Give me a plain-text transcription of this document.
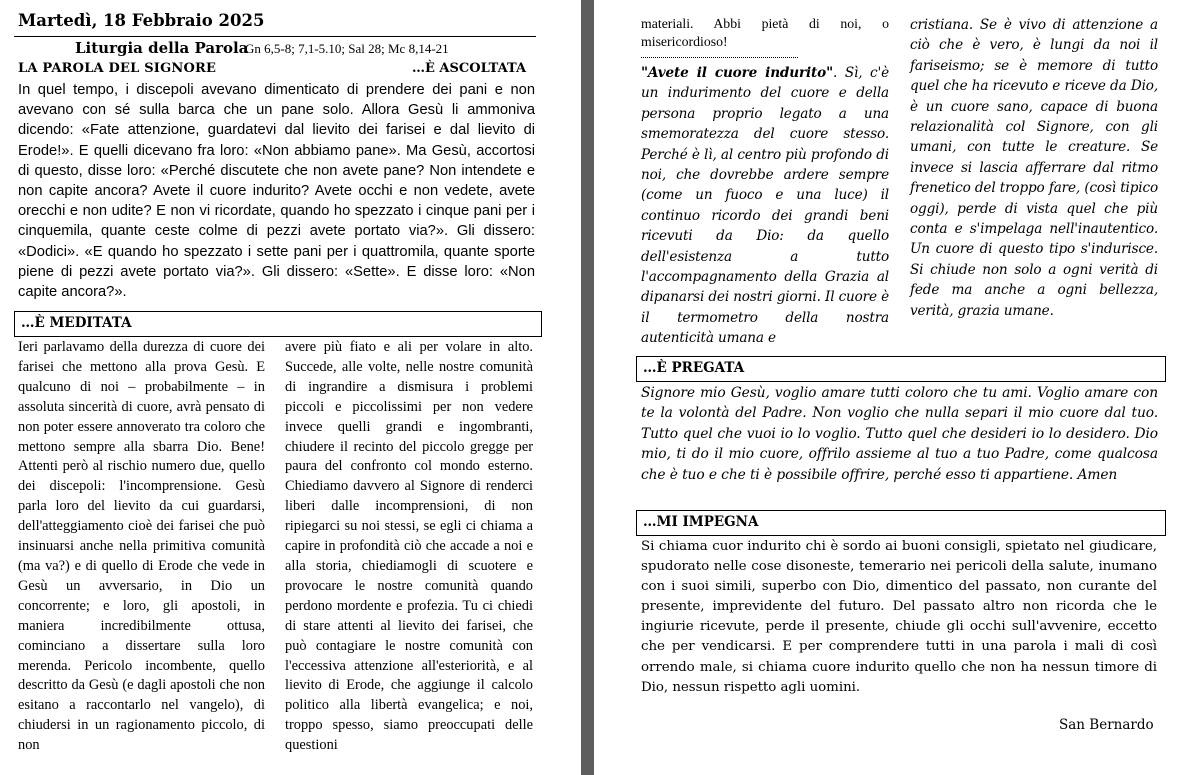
Martedì, 18 Febbraio 2025
Liturgia della Parola
Gn 6,5-8; 7,1-5.10; Sal 28; Mc 8,14-21
LA PAROLA DEL SIGNORE	…È ASCOLTATA
In quel tempo, i discepoli avevano dimenticato di prendere dei pani e non avevano con sé sulla barca che un pane solo. Allora Gesù li ammoniva dicendo: «Fate attenzione, guardatevi dal lievito dei farisei e dal lievito di Erode!». E quelli dicevano fra loro: «Non abbiamo pane». Ma Gesù, accortosi di questo, disse loro: «Perché discutete che non avete pane? Non intendete e non capite ancora? Avete il cuore indurito? Avete occhi e non vedete, avete orecchi e non udite? E non vi ricordate, quando ho spezzato i cinque pani per i cinquemila, quante ceste colme di pezzi avete portato via?». Gli dissero: «Dodici». «E quando ho spezzato i sette pani per i quattromila, quante sporte piene di pezzi avete portato via?». Gli dissero: «Sette». E disse loro: «Non capite ancora?».
…È MEDITATA

Ieri parlavamo della durezza di cuore dei farisei che mettono alla prova Gesù. E qualcuno di noi – probabilmente – in assoluta sincerità di cuore, avrà pensato di non poter essere annoverato tra coloro che mettono sempre alla sbarra Dio. Bene! Attenti però al rischio numero due, quello dei discepoli: l'incomprensione. Gesù parla loro del lievito da cui guardarsi, dell'atteggiamento cioè dei farisei che può insinuarsi anche nella primitiva comunità (ma va?) e di quello di Erode che vede in Gesù un avversario, in Dio un concorrente; e loro, gli apostoli, in maniera incredibilmente ottusa, cominciano a dissertare sulla loro merenda. Pericolo incombente, quello descritto da Gesù (e dagli apostoli che non esitano a raccontarlo nel vangelo), di chiudersi in un ragionamento piccolo, di non

avere più fiato e ali per volare in alto. Succede, alle volte, nelle nostre comunità di ingrandire a dismisura i problemi piccoli e piccolissimi per non vedere invece quelli grandi e ingombranti, chiudere il recinto del piccolo gregge per paura del confronto col mondo esterno. Chiediamo davvero al Signore di renderci liberi dalle incomprensioni, di non ripiegarci su noi stessi, se egli ci chiama a capire in profondità ciò che accade a noi e alla storia, chiediamogli di scuotere e provocare le nostre comunità quando perdono mordente e profezia. Tu ci chiedi di stare attenti al lievito dei farisei, che può contagiare le nostre comunità con l'eccessiva attenzione all'esteriorità, e al lievito di Erode, che aggiunge il calcolo politico alla libertà evangelica; e noi, troppo spesso, siamo preoccupati delle questioni

materiali. Abbi pietà di noi, o misericordioso!

"Avete il cuore indurito". Sì, c'è un indurimento del cuore e della persona proprio legato a una smemoratezza del cuore stesso. Perché è lì, al centro più profondo di noi, che dovrebbe ardere sempre (come un fuoco e una luce) il continuo ricordo dei grandi beni ricevuti da Dio: da quello dell'esistenza a tutto l'accompagnamento della Grazia al dipanarsi dei nostri giorni. Il cuore è il termometro della nostra autenticità umana e

cristiana. Se è vivo di attenzione a ciò che è vero, è lungi da noi il fariseismo; se è memore di tutto quel che ha ricevuto e riceve da Dio, è un cuore sano, capace di buona relazionalità col Signore, con gli umani, con tutte le creature. Se invece si lascia afferrare dal ritmo frenetico del troppo fare, (così tipico oggi), perde di vista quel che più conta e s'impelaga nell'inautentico. Un cuore di questo tipo s'indurisce. Si chiude non solo a ogni verità di fede ma anche a ogni bellezza, verità, grazia umane.

…È PREGATA
Signore mio Gesù, voglio amare tutti coloro che tu ami. Voglio amare con te la volontà del Padre. Non voglio che nulla separi il mio cuore dal tuo. Tutto quel che vuoi io lo voglio. Tutto quel che desideri io lo desidero. Dio mio, ti do il mio cuore, offrilo assieme al tuo a tuo Padre, come qualcosa che è tuo e che ti è possibile offrire, perché esso ti appartiene. Amen
…MI IMPEGNA
Si chiama cuor indurito chi è sordo ai buoni consigli, spietato nel giudicare, spudorato nelle cose disoneste, temerario nei pericoli della salute, inumano con i suoi simili, superbo con Dio, dimentico del passato, non curante del presente, imprevidente del futuro. Del passato altro non ricorda che le ingiurie ricevute, perde il presente, chiude gli occhi sull'avvenire, eccetto che per vendicarsi. E per comprendere tutti in una parola i mali di così orrendo male, si chiama cuore indurito quello che non ha nessun timore di Dio, nessun rispetto agli uomini.
San Bernardo
